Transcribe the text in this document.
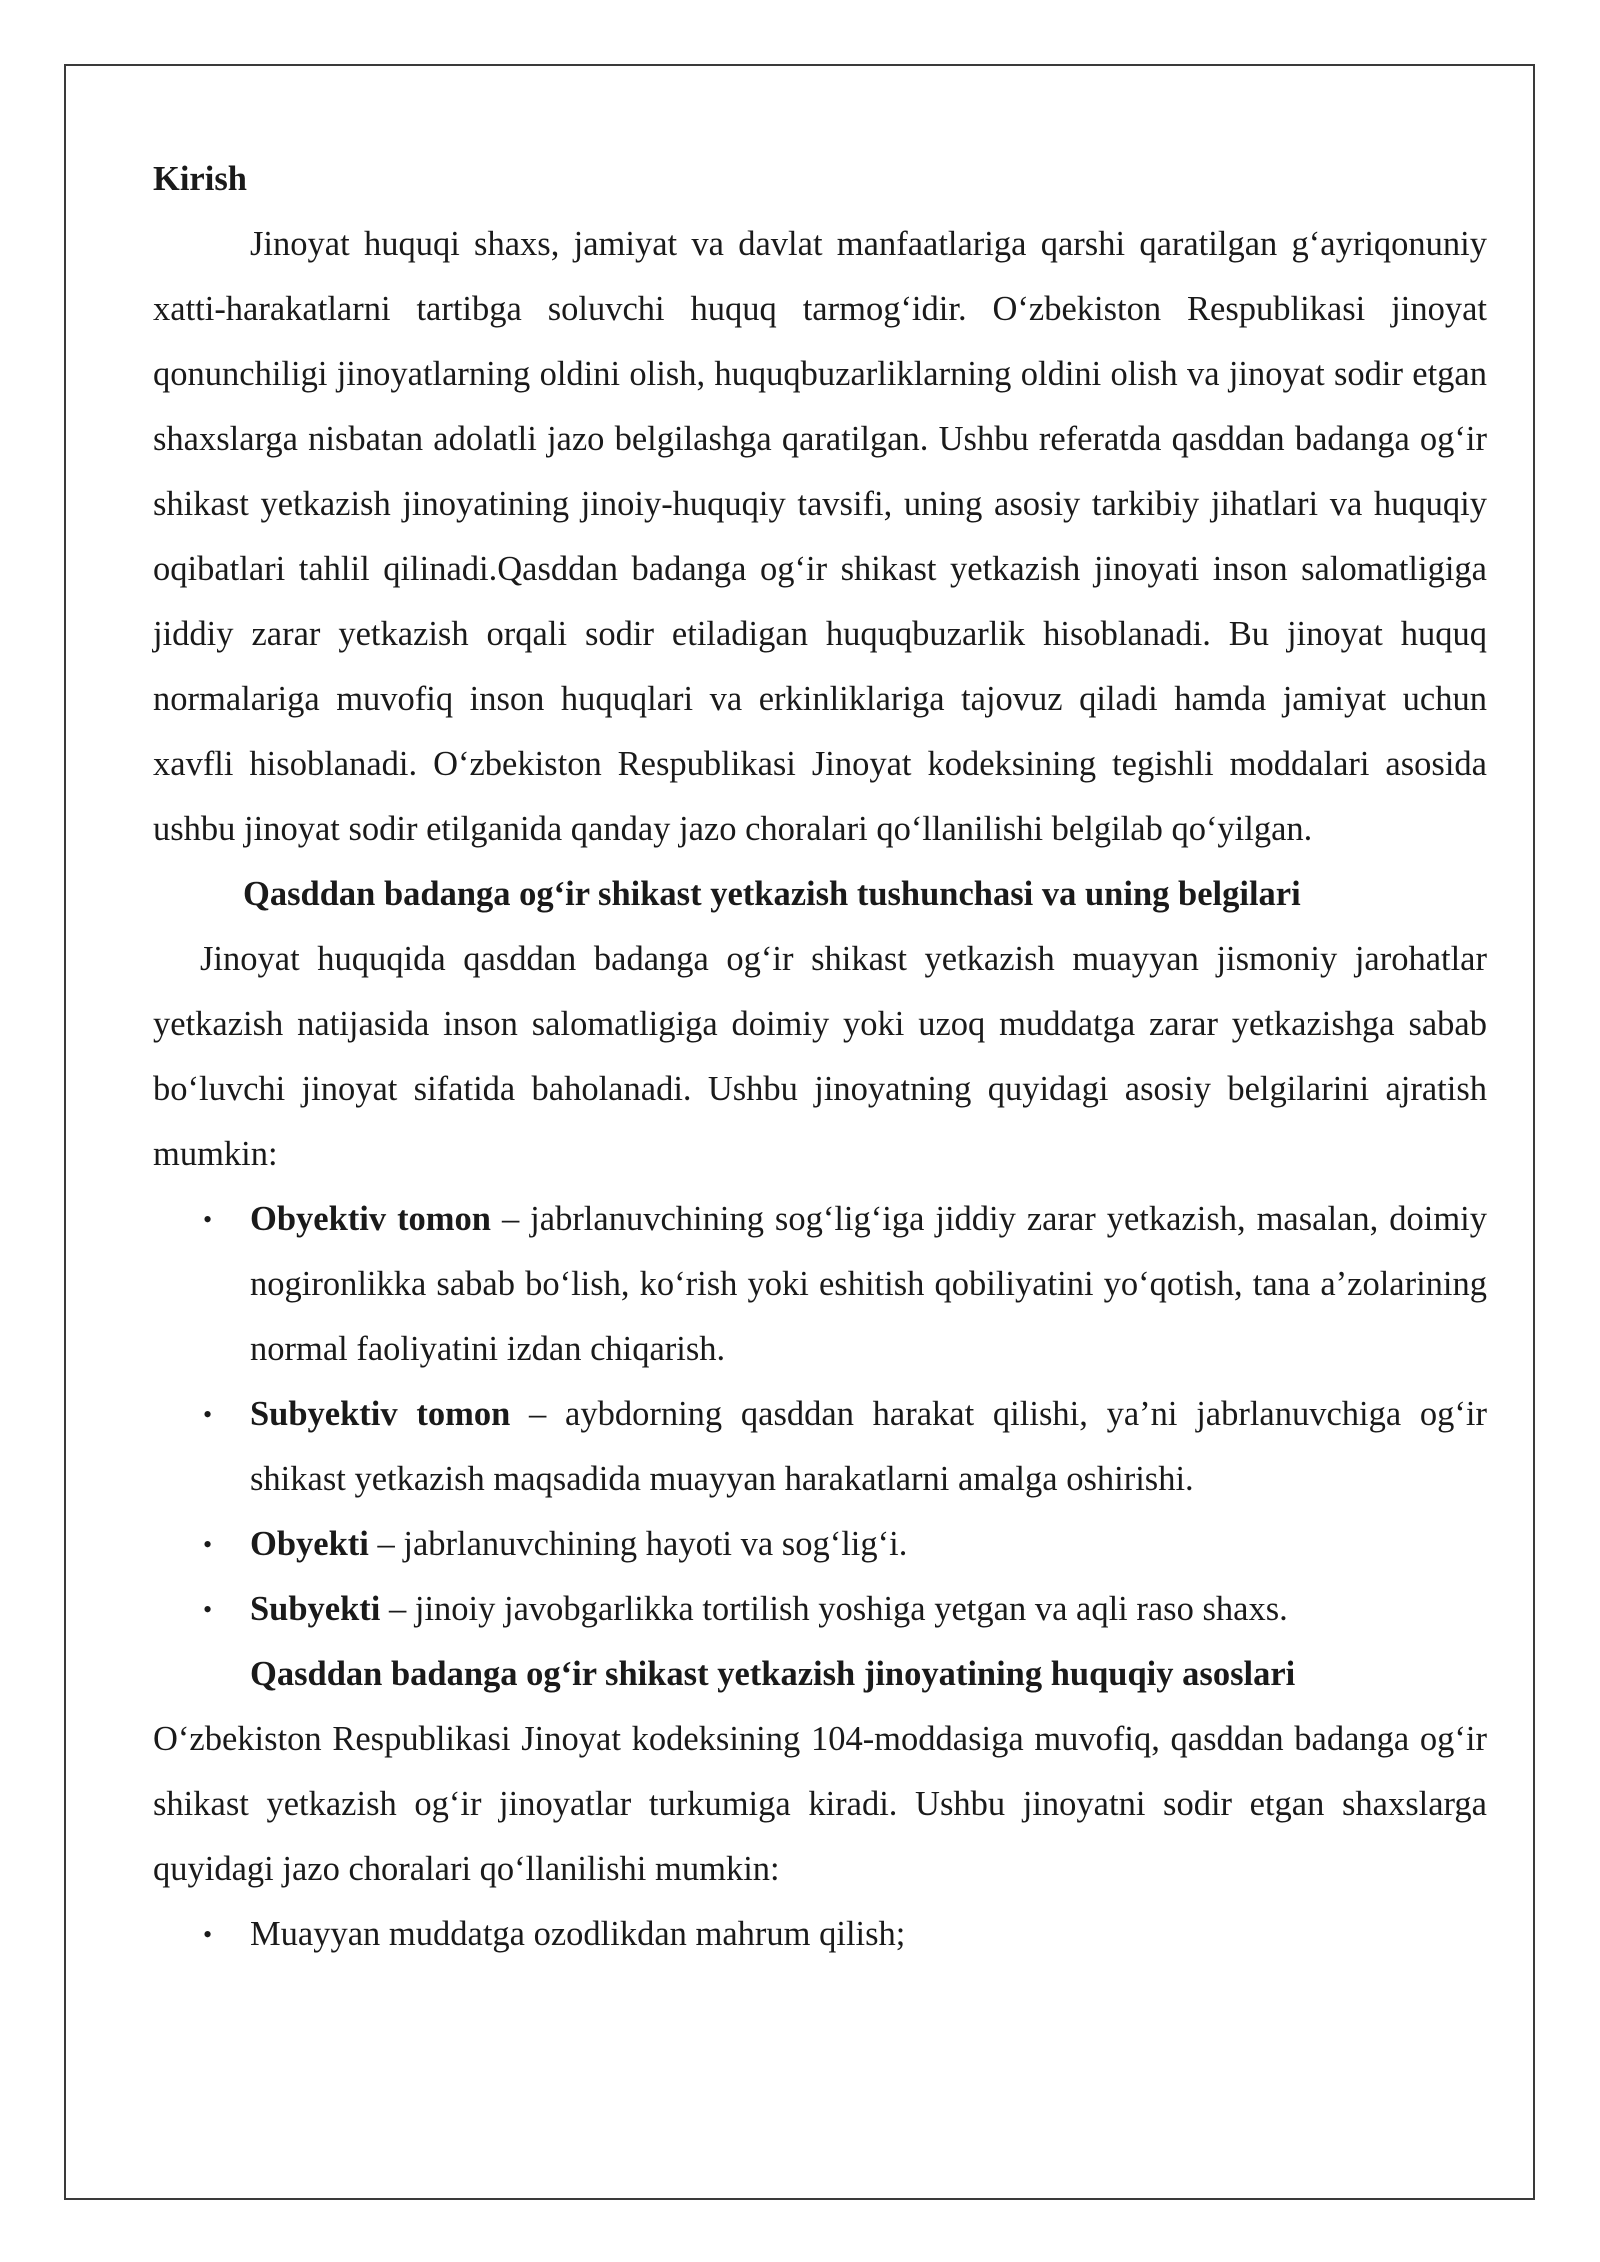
Kirish

Jinoyat huquqi shaxs, jamiyat va davlat manfaatlariga qarshi qaratilgan g‘ayriqonuniy xatti-harakatlarni tartibga soluvchi huquq tarmog‘idir. O‘zbekiston Respublikasi jinoyat qonunchiligi jinoyatlarning oldini olish, huquqbuzarliklarning oldini olish va jinoyat sodir etgan shaxslarga nisbatan adolatli jazo belgilashga qaratilgan. Ushbu referatda qasddan badanga og‘ir shikast yetkazish jinoyatining jinoiy-huquqiy tavsifi, uning asosiy tarkibiy jihatlari va huquqiy oqibatlari tahlil qilinadi.Qasddan badanga og‘ir shikast yetkazish jinoyati inson salomatligiga jiddiy zarar yetkazish orqali sodir etiladigan huquqbuzarlik hisoblanadi. Bu jinoyat huquq normalariga muvofiq inson huquqlari va erkinliklariga tajovuz qiladi hamda jamiyat uchun xavfli hisoblanadi. O‘zbekiston Respublikasi Jinoyat kodeksining tegishli moddalari asosida ushbu jinoyat sodir etilganida qanday jazo choralari qo‘llanilishi belgilab qo‘yilgan.

Qasddan badanga og‘ir shikast yetkazish tushunchasi va uning belgilari

Jinoyat huquqida qasddan badanga og‘ir shikast yetkazish muayyan jismoniy jarohatlar yetkazish natijasida inson salomatligiga doimiy yoki uzoq muddatga zarar yetkazishga sabab bo‘luvchi jinoyat sifatida baholanadi. Ushbu jinoyatning quyidagi asosiy belgilarini ajratish mumkin:

• Obyektiv tomon – jabrlanuvchining sog‘lig‘iga jiddiy zarar yetkazish, masalan, doimiy nogironlikka sabab bo‘lish, ko‘rish yoki eshitish qobiliyatini yo‘qotish, tana a’zolarining normal faoliyatini izdan chiqarish.
• Subyektiv tomon – aybdorning qasddan harakat qilishi, ya’ni jabrlanuvchiga og‘ir shikast yetkazish maqsadida muayyan harakatlarni amalga oshirishi.
• Obyekti – jabrlanuvchining hayoti va sog‘lig‘i.
• Subyekti – jinoiy javobgarlikka tortilish yoshiga yetgan va aqli raso shaxs.

Qasddan badanga og‘ir shikast yetkazish jinoyatining huquqiy asoslari

O‘zbekiston Respublikasi Jinoyat kodeksining 104-moddasiga muvofiq, qasddan badanga og‘ir shikast yetkazish og‘ir jinoyatlar turkumiga kiradi. Ushbu jinoyatni sodir etgan shaxslarga quyidagi jazo choralari qo‘llanilishi mumkin:

• Muayyan muddatga ozodlikdan mahrum qilish;
